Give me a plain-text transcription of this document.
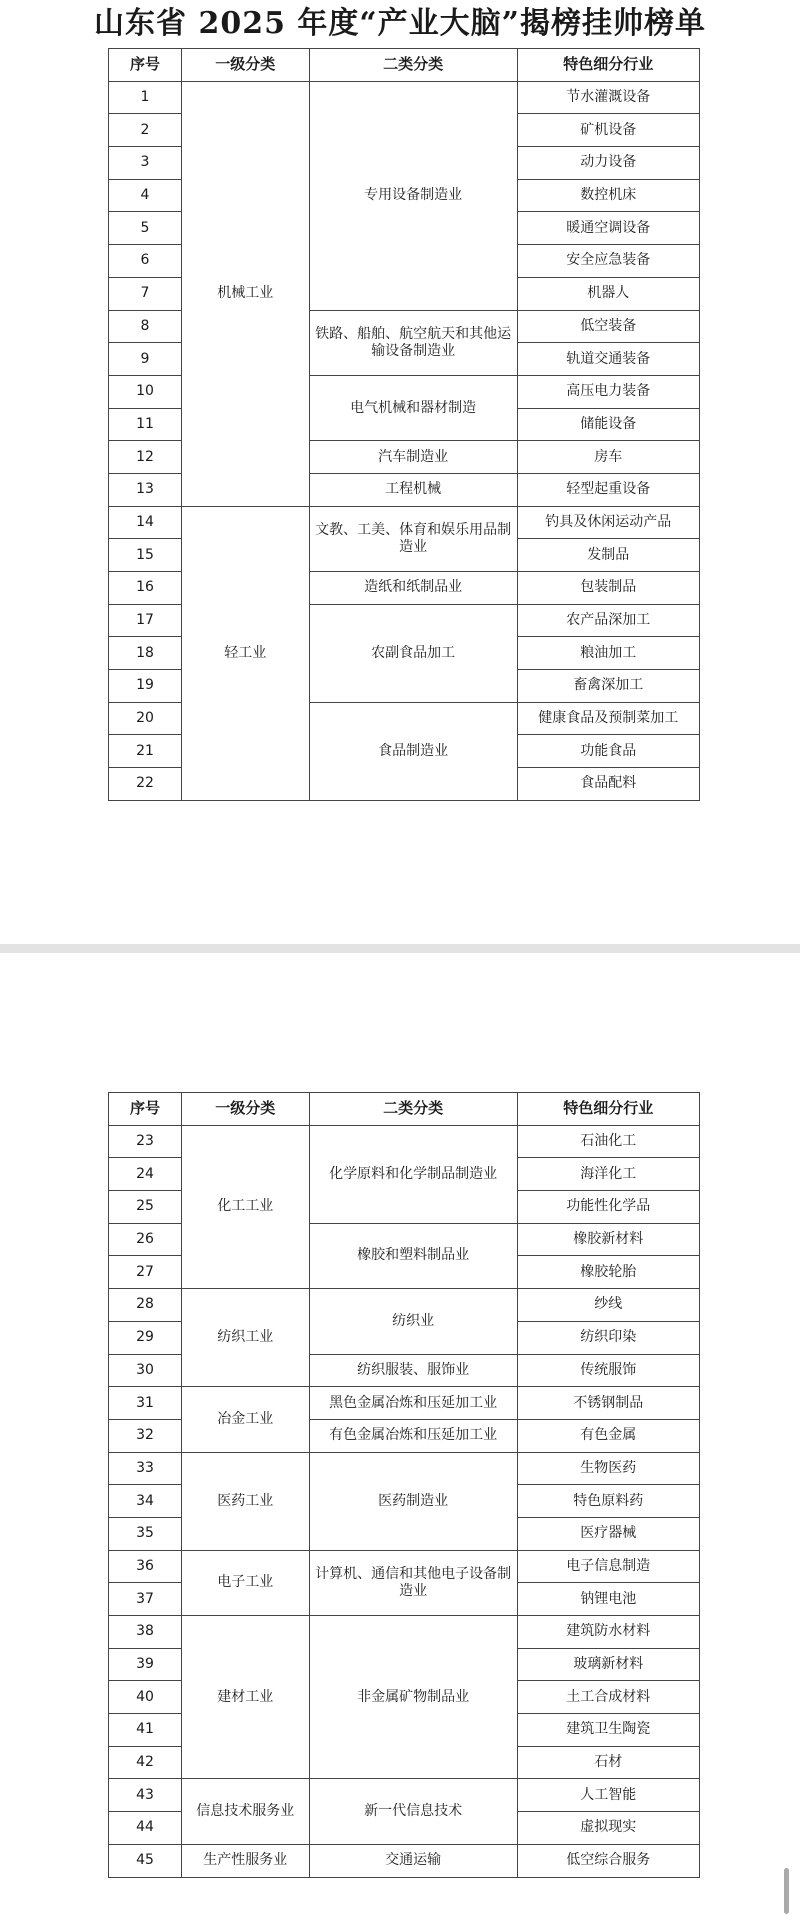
山东省 2025 年度“产业大脑”揭榜挂帅榜单
序号	一级分类	二类分类	特色细分行业
1	机械工业	专用设备制造业	节水灌溉设备
2			矿机设备
3			动力设备
4			数控机床
5			暖通空调设备
6			安全应急装备
7			机器人
8		铁路、船舶、航空航天和其他运输设备制造业	低空装备
9			轨道交通装备
10		电气机械和器材制造	高压电力装备
11			储能设备
12		汽车制造业	房车
13		工程机械	轻型起重设备
14	轻工业	文教、工美、体育和娱乐用品制造业	钓具及休闲运动产品
15			发制品
16		造纸和纸制品业	包装制品
17		农副食品加工	农产品深加工
18			粮油加工
19			畜禽深加工
20		食品制造业	健康食品及预制菜加工
21			功能食品
22			食品配料
序号	一级分类	二类分类	特色细分行业
23	化工工业	化学原料和化学制品制造业	石油化工
24			海洋化工
25			功能性化学品
26		橡胶和塑料制品业	橡胶新材料
27			橡胶轮胎
28	纺织工业	纺织业	纱线
29			纺织印染
30		纺织服装、服饰业	传统服饰
31	冶金工业	黑色金属冶炼和压延加工业	不锈钢制品
32		有色金属冶炼和压延加工业	有色金属
33	医药工业	医药制造业	生物医药
34			特色原料药
35			医疗器械
36	电子工业	计算机、通信和其他电子设备制造业	电子信息制造
37			钠锂电池
38	建材工业	非金属矿物制品业	建筑防水材料
39			玻璃新材料
40			土工合成材料
41			建筑卫生陶瓷
42			石材
43	信息技术服务业	新一代信息技术	人工智能
44			虚拟现实
45	生产性服务业	交通运输	低空综合服务
